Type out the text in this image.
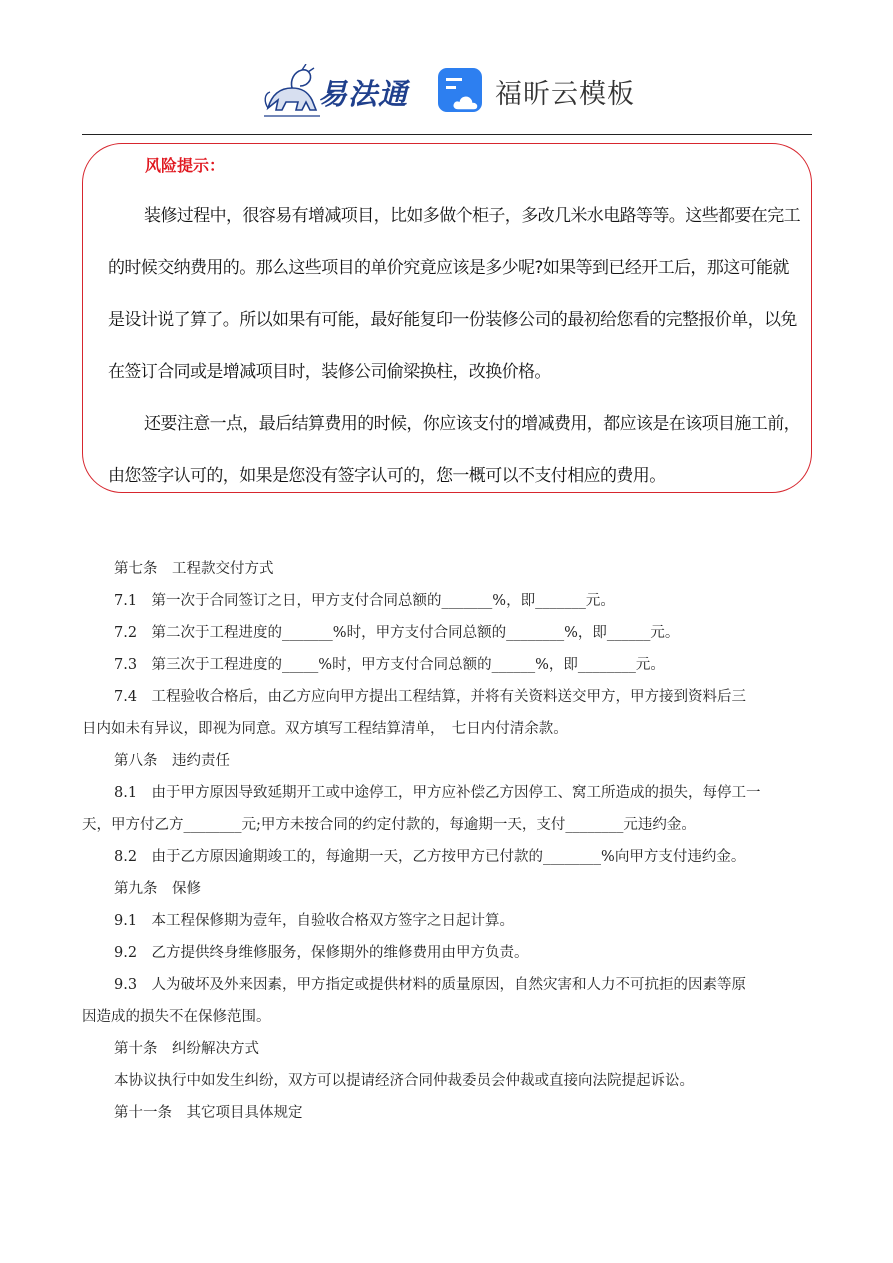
易法通	福昕云模板
风险提示：

装修过程中，很容易有增减项目，比如多做个柜子，多改几米水电路等等。这些都要在完工的时候交纳费用的。那么这些项目的单价究竟应该是多少呢?如果等到已经开工后，那这可能就是设计说了算了。所以如果有可能，最好能复印一份装修公司的最初给您看的完整报价单，以免在签订合同或是增减项目时，装修公司偷梁换柱，改换价格。

还要注意一点，最后结算费用的时候，你应该支付的增减费用，都应该是在该项目施工前，由您签字认可的，如果是您没有签字认可的，您一概可以不支付相应的费用。

第七条　工程款交付方式

7.1　第一次于合同签订之日，甲方支付合同总额的_______%，即_______元。

7.2　第二次于工程进度的_______%时，甲方支付合同总额的________%，即______元。

7.3　第三次于工程进度的_____%时，甲方支付合同总额的______%，即________元。

7.4　工程验收合格后，由乙方应向甲方提出工程结算，并将有关资料送交甲方，甲方接到资料后三

日内如未有异议，即视为同意。双方填写工程结算清单，　七日内付清余款。

第八条　违约责任

8.1　由于甲方原因导致延期开工或中途停工，甲方应补偿乙方因停工、窝工所造成的损失，每停工一

天，甲方付乙方________元;甲方未按合同的约定付款的，每逾期一天，支付________元违约金。

8.2　由于乙方原因逾期竣工的，每逾期一天，乙方按甲方已付款的________%向甲方支付违约金。

第九条　保修

9.1　本工程保修期为壹年，自验收合格双方签字之日起计算。

9.2　乙方提供终身维修服务，保修期外的维修费用由甲方负责。

9.3　人为破坏及外来因素，甲方指定或提供材料的质量原因，自然灾害和人力不可抗拒的因素等原

因造成的损失不在保修范围。

第十条　纠纷解决方式

本协议执行中如发生纠纷，双方可以提请经济合同仲裁委员会仲裁或直接向法院提起诉讼。

第十一条　其它项目具体规定
